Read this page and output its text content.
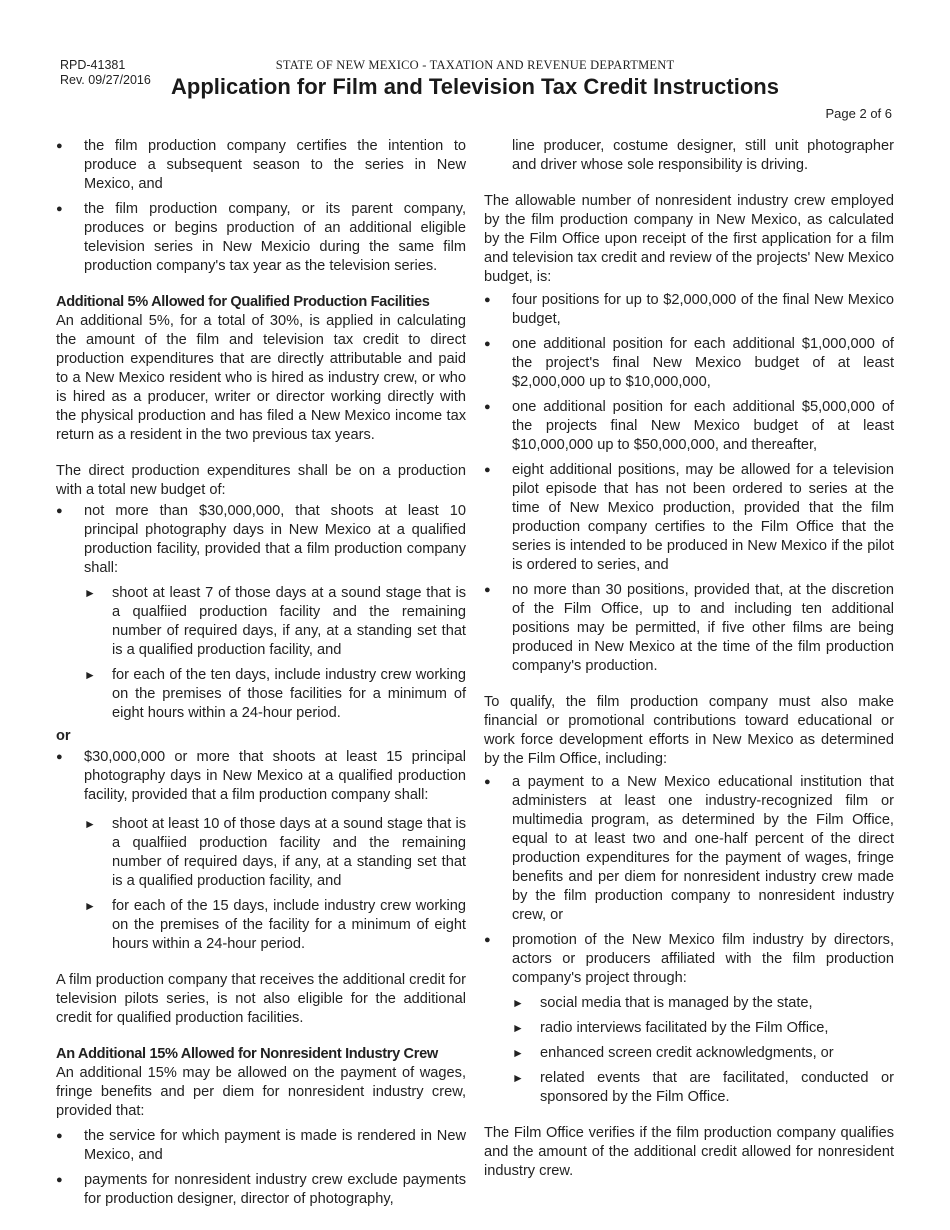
RPD-41381
Rev. 09/27/2016
STATE OF NEW MEXICO - TAXATION AND REVENUE DEPARTMENT
Application for Film and Television Tax Credit Instructions
Page 2 of 6
● the film production company certifies the intention to produce a subsequent season to the series in New Mexico, and
● the film production company, or its parent company, produces or begins production of an additional eligible television series in New Mexicio during the same film production company's tax year as the television series.

Additional 5% Allowed for Qualified Production Facilities

An additional 5%, for a total of 30%, is applied in calculating the amount of the film and television tax credit to direct production expenditures that are directly attributable and paid to a New Mexico resident who is hired as industry crew, or who is hired as a producer, writer or director working directly with the physical production and has filed a New Mexico income tax return as a resident in the two previous tax years.

The direct production expenditures shall be on a production with a total new budget of:

● not more than $30,000,000, that shoots at least 10 principal photography days in New Mexico at a qualified production facility, provided that a film production company shall:
► shoot at least 7 of those days at a sound stage that is a qualfiied production facility and the remaining number of required days, if any, at a standing set that is a qualified production facility, and
► for each of the ten days, include industry crew working on the premises of those facilities for a minimum of eight hours within a 24-hour period.

or

● $30,000,000 or more that shoots at least 15 principal photography days in New Mexico at a qualified production facility, provided that a film production company shall:
► shoot at least 10 of those days at a sound stage that is a qualfiied production facility and the remaining number of required days, if any, at a standing set that is a qualified production facility, and
► for each of the 15 days, include industry crew working on the premises of the facility for a minimum of eight hours within a 24-hour period.

A film production company that receives the additional credit for television pilots series, is not also eligible for the additional credit for qualified production facilities.

An Additional 15% Allowed for Nonresident Industry Crew

An additional 15% may be allowed on the payment of wages, fringe benefits and per diem for nonresident industry crew, provided that:

● the service for which payment is made is rendered in New Mexico, and
● payments for nonresident industry crew exclude payments for production designer, director of photography,

line producer, costume designer, still unit photographer and driver whose sole responsibility is driving.

The allowable number of nonresident industry crew employed by the film production company in New Mexico, as calculated by the Film Office upon receipt of the first application for a film and television tax credit and review of the projects' New Mexico budget, is:

● four positions for up to $2,000,000 of the final New Mexico budget,
● one additional position for each additional $1,000,000 of the project's final New Mexico budget of at least $2,000,000 up to $10,000,000,
● one additional position for each additional $5,000,000 of the projects final New Mexico budget of at least $10,000,000 up to $50,000,000, and thereafter,
● eight additional positions, may be allowed for a television pilot episode that has not been ordered to series at the time of New Mexico production, provided that the film production company certifies to the Film Office that the series is intended to be produced in New Mexico if the pilot is ordered to series, and
● no more than 30 positions, provided that, at the discretion of the Film Office, up to and including ten additional positions may be permitted, if five other films are being produced in New Mexico at the time of the film production company's production.

To qualify, the film production company must also make financial or promotional contributions toward educational or work force development efforts in New Mexico as determined by the Film Office, including:

● a payment to a New Mexico educational institution that administers at least one industry-recognized film or multimedia program, as determined by the Film Office, equal to at least two and one-half percent of the direct production expenditures for the payment of wages, fringe benefits and per diem for nonresident industry crew made by the film production company to nonresident industry crew, or
● promotion of the New Mexico film industry by directors, actors or producers affiliated with the film production company's project through:
► social media that is managed by the state,
► radio interviews facilitated by the Film Office,
► enhanced screen credit acknowledgments, or
► related events that are facilitated, conducted or sponsored by the Film Office.

The Film Office verifies if the film production company qualifies and the amount of the additional credit allowed for nonresident industry crew.
